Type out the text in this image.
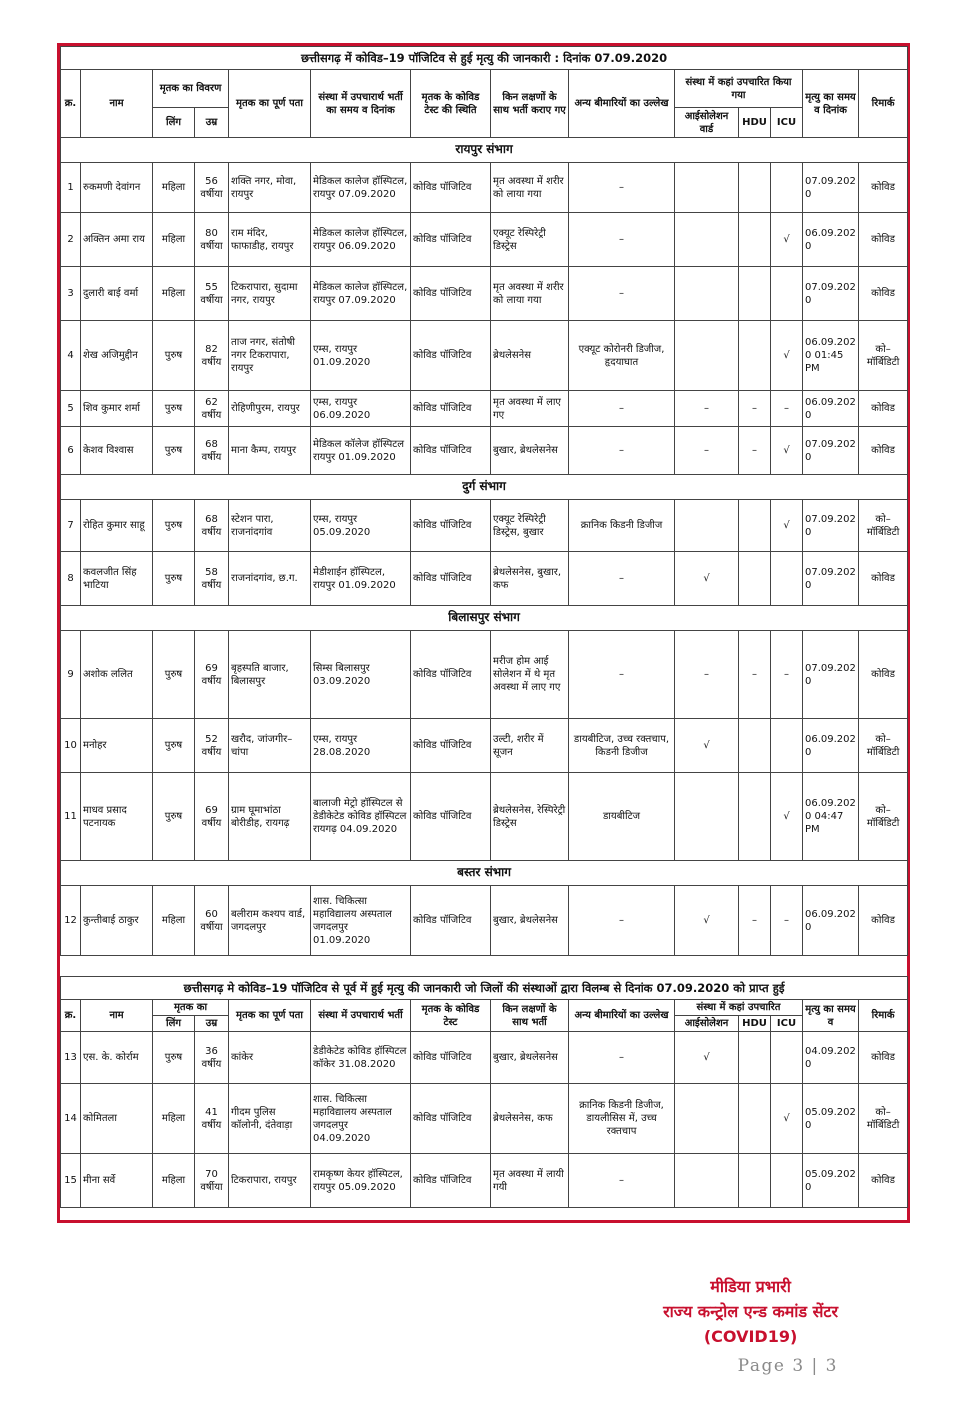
छत्तीसगढ़ में कोविड–19 पॉजिटिव से हुई मृत्यु की जानकारी : दिनांक 07.09.2020													
क्र.	नाम	मृतक का विवरण		मृतक का पूर्ण पता	संस्था में उपचारार्थ भर्ती का समय व दिनांक	मृतक के कोविड टेस्ट की स्थिति	किन लक्षणों के साथ भर्ती कराए गए	अन्य बीमारियों का उल्लेख	संस्था में कहां उपचारित किया गया			मृत्यु का समय व दिनांक	रिमार्क
		लिंग	उम्र						आईसोलेशन वार्ड	HDU	ICU		
रायपुर संभाग													
1	रुकमणी देवांगन	महिला	56 वर्षीया	शक्ति नगर, मोवा, रायपुर	मेडिकल कालेज हॉस्पिटल, रायपुर 07.09.2020	कोविड पॉजिटिव	मृत अवस्था में शरीर को लाया गया	–				07.09.2020	कोविड
2	अक्तिन अमा राय	महिला	80 वर्षीया	राम मंदिर, फाफाडीह, रायपुर	मेडिकल कालेज हॉस्पिटल, रायपुर 06.09.2020	कोविड पॉजिटिव	एक्यूट रेस्पिरेट्री डिस्ट्रेस	–			√	06.09.2020	कोविड
3	दुलारी बाई वर्मा	महिला	55 वर्षीया	टिकरापारा, सुदामा नगर, रायपुर	मेडिकल कालेज हॉस्पिटल, रायपुर 07.09.2020	कोविड पॉजिटिव	मृत अवस्था में शरीर को लाया गया	–				07.09.2020	कोविड
4	शेख अजिमुद्दीन	पुरुष	82 वर्षीय	ताज नगर, संतोषी नगर टिकरापारा, रायपुर	एम्स, रायपुर 01.09.2020	कोविड पॉजिटिव	ब्रेथलेसनेस	एक्यूट कोरोनरी डिजीज, हृदयाघात			√	06.09.2020 01:45 PM	को–मॉर्बिडिटी
5	शिव कुमार शर्मा	पुरुष	62 वर्षीय	रोहिणीपुरम, रायपुर	एम्स, रायपुर 06.09.2020	कोविड पॉजिटिव	मृत अवस्था में लाए गए	–	–	–	–	06.09.2020	कोविड
6	केशव विश्वास	पुरुष	68 वर्षीय	माना कैम्प, रायपुर	मेडिकल कॉलेज हॉस्पिटल रायपुर 01.09.2020	कोविड पॉजिटिव	बुखार, ब्रेथलेसनेस	–	–	–	√	07.09.2020	कोविड
दुर्ग संभाग													
7	रोहित कुमार साहू	पुरुष	68 वर्षीय	स्टेशन पारा, राजनांदगांव	एम्स, रायपुर 05.09.2020	कोविड पॉजिटिव	एक्यूट रेस्पिरेट्री डिस्ट्रेस, बुखार	क्रानिक किडनी डिजीज			√	07.09.2020	को–मॉर्बिडिटी
8	कवलजीत सिंह भाटिया	पुरुष	58 वर्षीय	राजनांदगांव, छ.ग.	मेडीशाईन हॉस्पिटल, रायपुर 01.09.2020	कोविड पॉजिटिव	ब्रेथलेसनेस, बुखार, कफ	–	√			07.09.2020	कोविड
बिलासपुर संभाग													
9	अशोक ललित	पुरुष	69 वर्षीय	बृहस्पति बाजार, बिलासपुर	सिम्स बिलासपुर 03.09.2020	कोविड पॉजिटिव	मरीज होम आई सोलेशन में थे मृत अवस्था में लाए गए	–	–	–	–	07.09.2020	कोविड
10	मनोहर	पुरुष	52 वर्षीय	खरौद, जांजगीर–चांपा	एम्स, रायपुर 28.08.2020	कोविड पॉजिटिव	उल्टी, शरीर में सूजन	डायबीटिज, उच्च रक्तचाप, किडनी डिजीज	√			06.09.2020	को–मॉर्बिडिटी
11	माधव प्रसाद पटनायक	पुरुष	69 वर्षीय	ग्राम घूमाभांठा बोरीडीह, रायगढ़	बालाजी मेट्रो हॉस्पिटल से डेडीकेटेड कोविड हॉस्पिटल रायगढ़ 04.09.2020	कोविड पॉजिटिव	ब्रेथलेसनेस, रेस्पिरेट्री डिस्ट्रेस	डायबीटिज			√	06.09.2020 04:47 PM	को–मॉर्बिडिटी
बस्तर संभाग													
12	कुन्तीबाई ठाकुर	महिला	60 वर्षीया	बलीराम कश्यप वार्ड, जगदलपुर	शास. चिकित्सा महाविद्यालय अस्पताल जगदलपुर 01.09.2020	कोविड पॉजिटिव	बुखार, ब्रेथलेसनेस	–	√	–	–	06.09.2020	कोविड

छत्तीसगढ़ मे कोविड–19 पॉजिटिव से पूर्व में हुई मृत्यु की जानकारी जो जिलों की संस्थाओं द्वारा विलम्ब से दिनांक 07.09.2020 को प्राप्त हुई													
क्र.	नाम	मृतक का		मृतक का पूर्ण पता	संस्था में उपचारार्थ भर्ती	मृतक के कोविड टेस्ट	किन लक्षणों के साथ भर्ती	अन्य बीमारियों का उल्लेख	संस्था में कहां उपचारित			मृत्यु का समय व	रिमार्क
		लिंग	उम्र						आईसोलेशन	HDU	ICU		
13	एस. के. कोर्राम	पुरुष	36 वर्षीय	कांकेर	डेडीकेटेड कोविड हॉस्पिटल कॉकेर 31.08.2020	कोविड पॉजिटिव	बुखार, ब्रेथलेसनेस	–	√			04.09.2020	कोविड
14	कोमितला	महिला	41 वर्षीय	गीदम पुलिस कॉलोनी, दंतेवाड़ा	शास. चिकित्सा महाविद्यालय अस्पताल जगदलपुर 04.09.2020	कोविड पॉजिटिव	ब्रेथलेसनेस, कफ	क्रानिक किडनी डिजीज, डायलीसिस में, उच्च रक्तचाप			√	05.09.2020	को–मॉर्बिडिटी
15	मीना सर्वे	महिला	70 वर्षीया	टिकरापारा, रायपुर	रामकृष्ण केयर हॉस्पिटल, रायपुर 05.09.2020	कोविड पॉजिटिव	मृत अवस्था में लायी गयी	–				05.09.2020	कोविड
मीडिया प्रभारी
राज्य कन्ट्रोल एन्ड कमांड सेंटर
(COVID19)
Page 3 | 3
